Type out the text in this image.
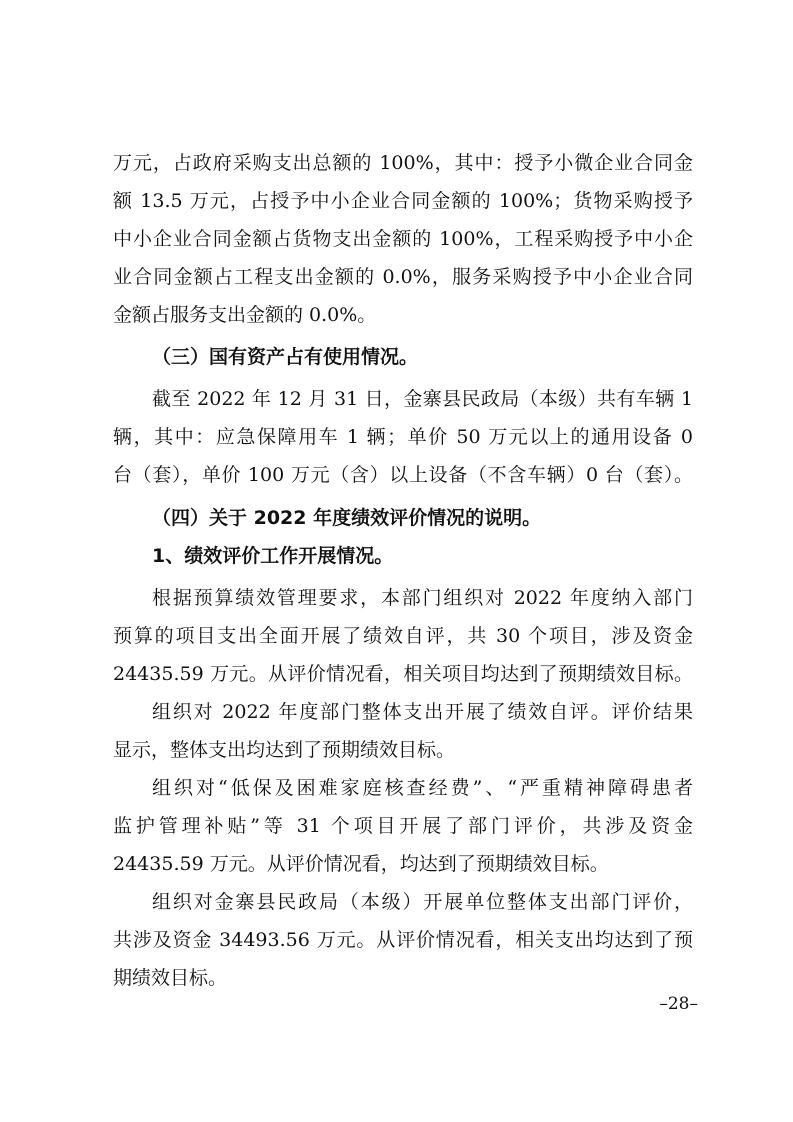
万元，占政府采购支出总额的 100%，其中：授予小微企业合同金
额 13.5 万元，占授予中小企业合同金额的 100%；货物采购授予
中小企业合同金额占货物支出金额的 100%，工程采购授予中小企
业合同金额占工程支出金额的 0.0%，服务采购授予中小企业合同
金额占服务支出金额的 0.0%。
（三）国有资产占有使用情况。
截至 2022 年 12 月 31 日，金寨县民政局（本级）共有车辆 1
辆，其中：应急保障用车 1 辆；单价 50 万元以上的通用设备 0
台（套），单价 100 万元（含）以上设备（不含车辆）0 台（套）。
（四）关于 2022 年度绩效评价情况的说明。
1、绩效评价工作开展情况。
根据预算绩效管理要求，本部门组织对 2022 年度纳入部门
预算的项目支出全面开展了绩效自评，共 30 个项目，涉及资金
24435.59 万元。从评价情况看，相关项目均达到了预期绩效目标。
组织对 2022 年度部门整体支出开展了绩效自评。评价结果
显示，整体支出均达到了预期绩效目标。
组织对“低保及困难家庭核查经费”、“严重精神障碍患者
监护管理补贴”等 31 个项目开展了部门评价，共涉及资金
24435.59 万元。从评价情况看，均达到了预期绩效目标。
组织对金寨县民政局（本级）开展单位整体支出部门评价，
共涉及资金 34493.56 万元。从评价情况看，相关支出均达到了预
期绩效目标。
–28–
